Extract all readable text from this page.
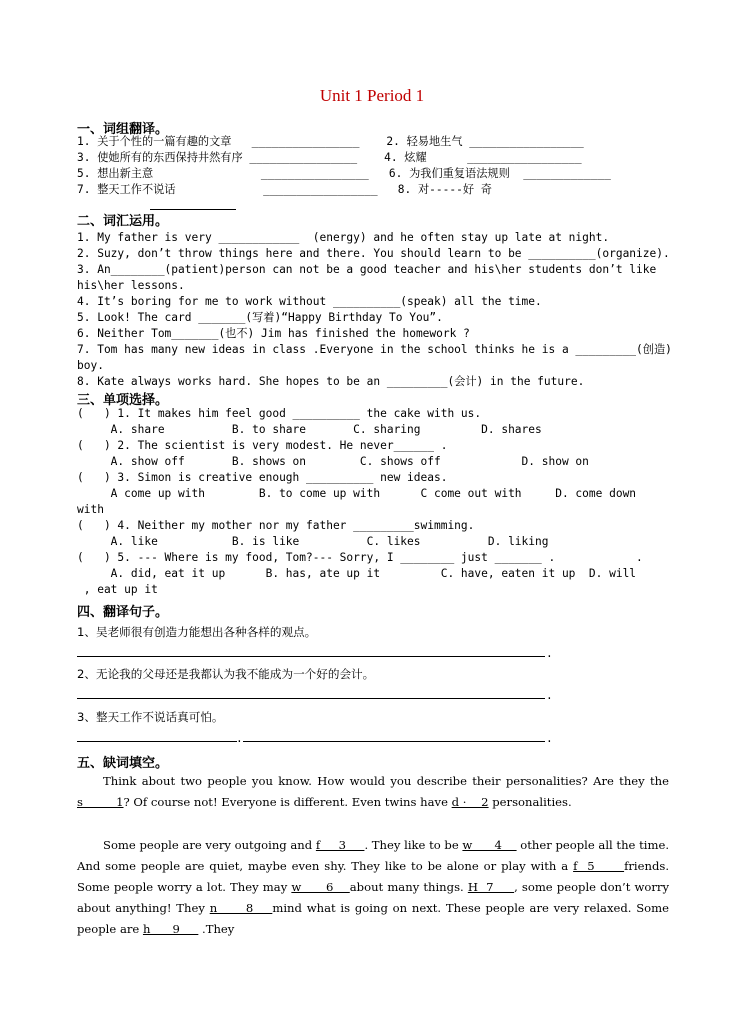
Unit 1 Period 1
一、词组翻译。
1. 关于个性的一篇有趣的文章   ________________    2. 轻易地生气 _________________
3. 使她所有的东西保持井然有序 ________________    4. 炫耀      _________________
5. 想出新主意                ________________   6. 为我们重复语法规则  _____________
7. 整天工作不说话             _________________   8. 对-----好 奇
二、词汇运用。
1. My father is very ____________  (energy) and he often stay up late at night.
2. Suzy, don’t throw things here and there. You should learn to be __________(organize).
3. An________(patient)person can not be a good teacher and his\her students don’t like
his\her lessons.
4. It’s boring for me to work without __________(speak) all the time.
5. Look! The card _______(写着)“Happy Birthday To You”.
6. Neither Tom_______(也不) Jim has finished the homework ?
7. Tom has many new ideas in class .Everyone in the school thinks he is a _________(创造)
boy.
8. Kate always works hard. She hopes to be an _________(会计) in the future.
三、单项选择。
(   ) 1. It makes him feel good __________ the cake with us.
A. share          B. to share       C. sharing         D. shares
(   ) 2. The scientist is very modest. He never______ .
A. show off       B. shows on        C. shows off            D. show on
(   ) 3. Simon is creative enough __________ new ideas.
A come up with        B. to come up with      C come out with     D. come down
with
(   ) 4. Neither my mother nor my father _________swimming.
A. like           B. is like          C. likes          D. liking
(   ) 5. --- Where is my food, Tom?--- Sorry, I ________ just _______ .            .
A. did, eat it up      B. has, ate up it         C. have, eaten it up  D. will
, eat up it
四、翻译句子。
1、吴老师很有创造力能想出各种各样的观点。
.
2、无论我的父母还是我都认为我不能成为一个好的会计。
.
3、整天工作不说话真可怕。
.	.
五、缺词填空。
Think about two people you know. How would you describe their personalities? Are they the s         1? Of course not! Everyone is different. Even twins have d ·    2 personalities.
Some people are very outgoing and f     3     . They like to be w      4     other people all the time. And some people are quiet, maybe even shy. They like to be alone or play with a f  5      friends. Some people worry a lot. They may w      6    about many things. H  7     , some people don’t worry about anything! They n      8    mind what is going on next. These people are very relaxed. Some people are h      9      .They
